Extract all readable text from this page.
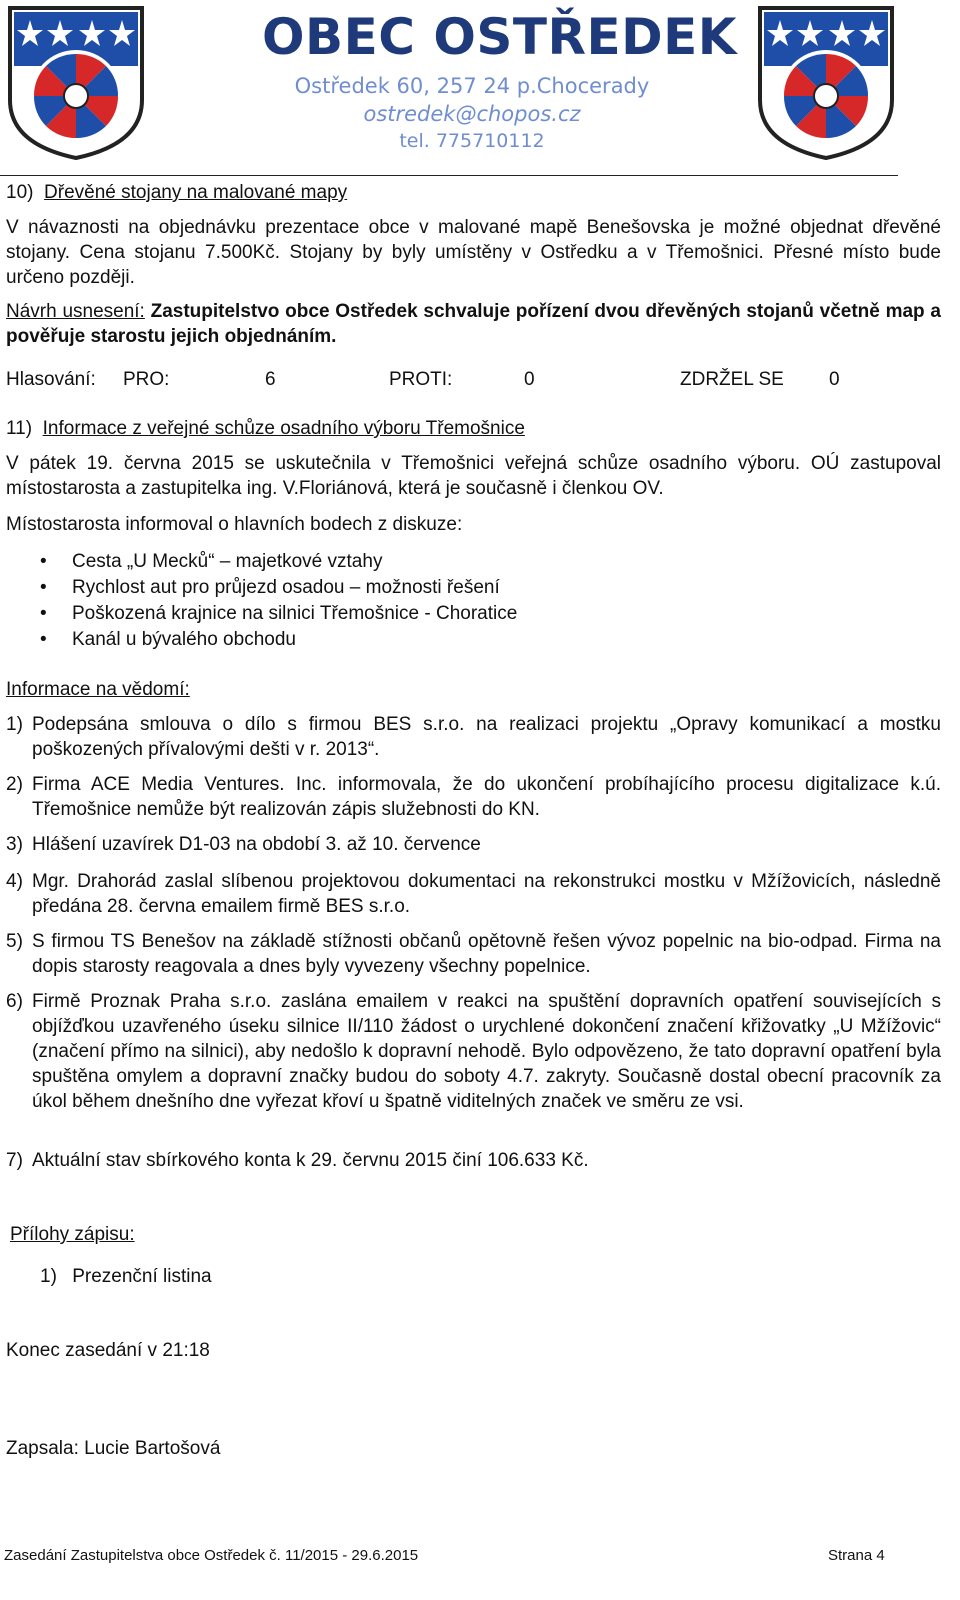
OBEC OSTŘEDEK
Ostředek 60, 257 24 p.Chocerady
ostredek@chopos.cz
tel. 775710112
10) Dřevěné stojany na malované mapy

V návaznosti na objednávku prezentace obce v malované mapě Benešovska je možné objednat dřevěné stojany. Cena stojanu 7.500Kč. Stojany by byly umístěny v Ostředku a v Třemošnici. Přesné místo bude určeno později.

Návrh usnesení: Zastupitelstvo obce Ostředek schvaluje pořízení dvou dřevěných stojanů včetně map a pověřuje starostu jejich objednáním.

Hlasování: PRO:	6	PROTI:	0	ZDRŽEL SE 0
11) Informace z veřejné schůze osadního výboru Třemošnice

V pátek 19. června 2015 se uskutečnila v Třemošnici veřejná schůze osadního výboru. OÚ zastupoval místostarosta a zastupitelka ing. V.Floriánová, která je současně i členkou OV.

Místostarosta informoval o hlavních bodech z diskuze:

• Cesta „U Mecků“ – majetkové vztahy
• Rychlost aut pro průjezd osadou – možnosti řešení
• Poškozená krajnice na silnici Třemošnice - Choratice
• Kanál u bývalého obchodu
Informace na vědomí:
1) Podepsána smlouva o dílo s firmou BES s.r.o. na realizaci projektu „Opravy komunikací a mostku poškozených přívalovými dešti v r. 2013“.

2) Firma ACE Media Ventures. Inc. informovala, že do ukončení probíhajícího procesu digitalizace k.ú. Třemošnice nemůže být realizován zápis služebnosti do KN.

3) Hlášení uzavírek D1-03 na období 3. až 10. července

4) Mgr. Drahorád zaslal slíbenou projektovou dokumentaci na rekonstrukci mostku v Mžížovicích, následně předána 28. června emailem firmě BES s.r.o.

5) S firmou TS Benešov na základě stížnosti občanů opětovně řešen vývoz popelnic na bio-odpad. Firma na dopis starosty reagovala a dnes byly vyvezeny všechny popelnice.

6) Firmě Proznak Praha s.r.o. zaslána emailem v reakci na spuštění dopravních opatření souvisejících s objížďkou uzavřeného úseku silnice II/110 žádost o urychlené dokončení značení křižovatky „U Mžížovic“ (značení přímo na silnici), aby nedošlo k dopravní nehodě. Bylo odpovězeno, že tato dopravní opatření byla spuštěna omylem a dopravní značky budou do soboty 4.7. zakryty. Současně dostal obecní pracovník za úkol během dnešního dne vyřezat křoví u špatně viditelných značek ve směru ze vsi.

7) Aktuální stav sbírkového konta k 29. červnu 2015 činí 106.633 Kč.

Přílohy zápisu:
1) Prezenční listina
Konec zasedání v 21:18
Zapsala: Lucie Bartošová
Zasedání Zastupitelstva obce Ostředek č. 11/2015 - 29.6.2015	Strana 4
